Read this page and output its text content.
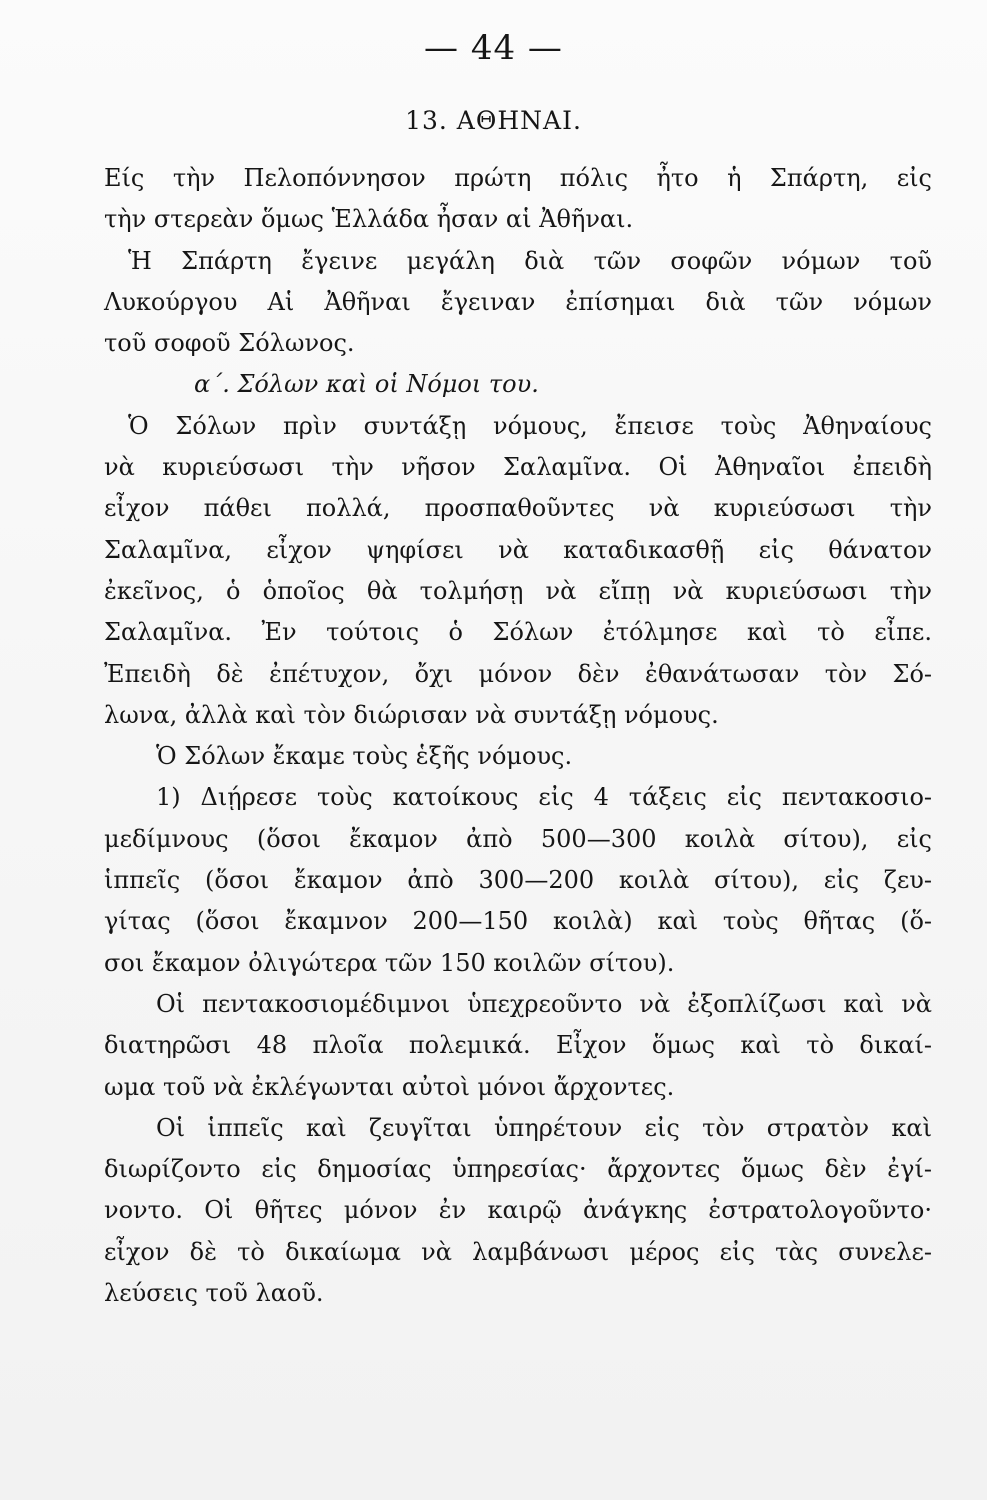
— 44 —
13. ΑΘΗΝΑΙ.
Είς τὴν Πελοπόννησον πρώτη πόλις ἦτο ἡ Σπάρτη, εἰς
τὴν στερεὰν ὅμως Ἑλλάδα ἦσαν αἱ Ἀθῆναι.
Ἡ Σπάρτη ἔγεινε μεγάλη διὰ τῶν σοφῶν νόμων τοῦ
Λυκούργου Αἱ Ἀθῆναι ἔγειναν ἐπίσημαι διὰ τῶν νόμων
τοῦ σοφοῦ Σόλωνος.
α΄. Σόλων καὶ οἱ Νόμοι του.
Ὁ Σόλων πρὶν συντάξῃ νόμους, ἔπεισε τοὺς Ἀθηναίους
νὰ κυριεύσωσι τὴν νῆσον Σαλαμῖνα. Οἱ Ἀθηναῖοι ἐπειδὴ
εἶχον πάθει πολλά, προσπαθοῦντες νὰ κυριεύσωσι τὴν
Σαλαμῖνα, εἶχον ψηφίσει νὰ καταδικασθῇ εἰς θάνατον
ἐκεῖνος, ὁ ὁποῖος θὰ τολμήσῃ νὰ εἴπῃ νὰ κυριεύσωσι τὴν
Σαλαμῖνα. Ἐν τούτοις ὁ Σόλων ἐτόλμησε καὶ τὸ εἶπε.
Ἐπειδὴ δὲ ἐπέτυχον, ὄχι μόνον δὲν ἐθανάτωσαν τὸν Σό-
λωνα, ἀλλὰ καὶ τὸν διώρισαν νὰ συντάξῃ νόμους.
Ὁ Σόλων ἔκαμε τοὺς ἑξῆς νόμους.
1) Διῄρεσε τοὺς κατοίκους εἰς 4 τάξεις εἰς πεντακοσιο-
μεδίμνους (ὅσοι ἔκαμον ἀπὸ 500—300 κοιλὰ σίτου), εἰς
ἱππεῖς (ὅσοι ἔκαμον ἀπὸ 300—200 κοιλὰ σίτου), εἰς ζευ-
γίτας (ὅσοι ἔκαμνον 200—150 κοιλὰ) καὶ τοὺς θῆτας (ὅ-
σοι ἔκαμον ὀλιγώτερα τῶν 150 κοιλῶν σίτου).
Οἱ πεντακοσιομέδιμνοι ὑπεχρεοῦντο νὰ ἐξοπλίζωσι καὶ νὰ
διατηρῶσι 48 πλοῖα πολεμικά. Εἶχον ὅμως καὶ τὸ δικαί-
ωμα τοῦ νὰ ἐκλέγωνται αὐτοὶ μόνοι ἄρχοντες.
Οἱ ἱππεῖς καὶ ζευγῖται ὑπηρέτουν εἰς τὸν στρατὸν καὶ
διωρίζοντο εἰς δημοσίας ὑπηρεσίας· ἄρχοντες ὅμως δὲν ἐγί-
νοντο. Οἱ θῆτες μόνον ἐν καιρῷ ἀνάγκης ἐστρατολογοῦντο·
εἶχον δὲ τὸ δικαίωμα νὰ λαμβάνωσι μέρος εἰς τὰς συνελε-
λεύσεις τοῦ λαοῦ.
